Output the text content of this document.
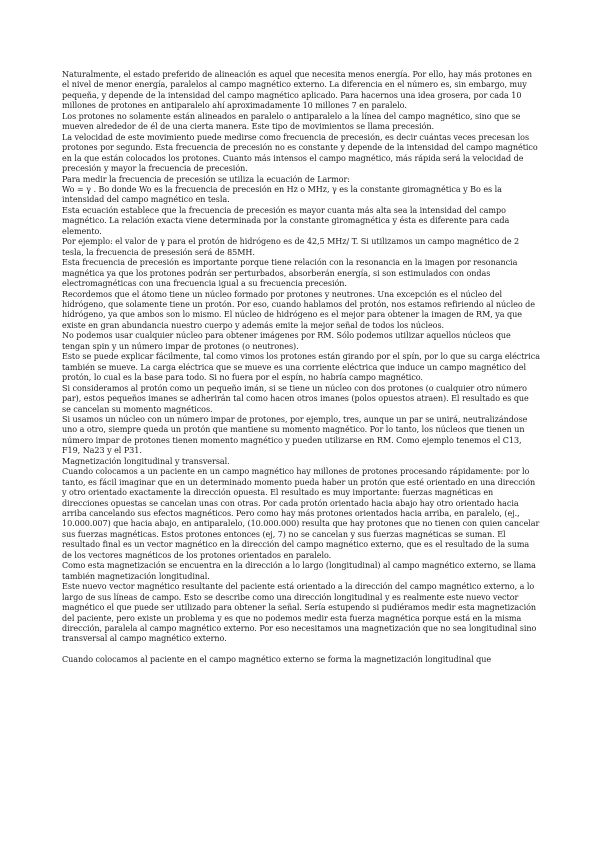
Naturalmente, el estado preferido de alineación es aquel que necesita menos energía. Por ello, hay más protones en el nivel de menor energía, paralelos al campo magnético externo. La diferencia en el número es, sin embargo, muy pequeña, y depende de la intensidad del campo magnético aplicado. Para hacernos una idea grosera, por cada 10 millones de protones en antiparalelo ahí aproximadamente 10 millones 7 en paralelo.

Los protones no solamente están alineados en paralelo o antiparalelo a la línea del campo magnético, sino que se mueven alrededor de él de una cierta manera. Este tipo de movimientos se llama precesión.

La velocidad de este movimiento puede medirse como frecuencia de precesión, es decir cuántas veces precesan los protones por segundo. Esta frecuencia de precesión no es constante y depende de la intensidad del campo magnético en la que están colocados los protones. Cuanto más intensos el campo magnético, más rápida será la velocidad de precesión y mayor la frecuencia de precesión.

Para medir la frecuencia de precesión se utiliza la ecuación de Larmor:

Wo = γ . Bo donde Wo es la frecuencia de precesión en Hz o MHz, γ es la constante giromagnética y Bo es la intensidad del campo magnético en tesla.

Esta ecuación establece que la frecuencia de precesión es mayor cuanta más alta sea la intensidad del campo magnético. La relación exacta viene determinada por la constante giromagnética y ésta es diferente para cada elemento.

Por ejemplo: el valor de γ para el protón de hidrógeno es de 42,5 MHz/ T. Si utilizamos un campo magnético de 2 tesla, la frecuencia de presesión será de 85MH.

Esta frecuencia de precesión es importante porque tiene relación con la resonancia en la imagen por resonancia magnética ya que los protones podrán ser perturbados, absorberán energía, si son estimulados con ondas electromagnéticas con una frecuencia igual a su frecuencia precesión.

Recordemos que el átomo tiene un núcleo formado por protones y neutrones. Una excepción es el núcleo del hidrógeno, que solamente tiene un protón. Por eso, cuando hablamos del protón, nos estamos refiriendo al núcleo de hidrógeno, ya que ambos son lo mismo. El núcleo de hidrógeno es el mejor para obtener la imagen de RM, ya que existe en gran abundancia nuestro cuerpo y además emite la mejor señal de todos los núcleos.

No podemos usar cualquier núcleo para obtener imágenes por RM. Sólo podemos utilizar aquellos núcleos que tengan spin y un número impar de protones (o neutrones).

Esto se puede explicar fácilmente, tal como vimos los protones están girando por el spín, por lo que su carga eléctrica también se mueve. La carga eléctrica que se mueve es una corriente eléctrica que induce un campo magnético del protón, lo cual es la base para todo. Si no fuera por el espín, no habría campo magnético.

Si consideramos al protón como un pequeño imán, si se tiene un núcleo con dos protones (o cualquier otro número par), estos pequeños imanes se adherirán tal como hacen otros imanes (polos opuestos atraen). El resultado es que se cancelan su momento magnéticos.

Si usamos un núcleo con un número impar de protones, por ejemplo, tres, aunque un par se unirá, neutralizándose uno a otro, siempre queda un protón que mantiene su momento magnético. Por lo tanto, los núcleos que tienen un número impar de protones tienen momento magnético y pueden utilizarse en RM. Como ejemplo tenemos el C13, F19, Na23 y el P31.

Magnetización longitudinal y transversal.

Cuando colocamos a un paciente en un campo magnético hay millones de protones procesando rápidamente: por lo tanto, es fácil imaginar que en un determinado momento pueda haber un protón que esté orientado en una dirección y otro orientado exactamente la dirección opuesta. El resultado es muy importante: fuerzas magnéticas en direcciones opuestas se cancelan unas con otras. Por cada protón orientado hacia abajo hay otro orientado hacia arriba cancelando sus efectos magnéticos. Pero como hay más protones orientados hacia arriba, en paralelo, (ej., 10.000.007) que hacia abajo, en antiparalelo, (10.000.000) resulta que hay protones que no tienen con quien cancelar sus fuerzas magnéticas. Estos protones entonces (ej, 7) no se cancelan y sus fuerzas magnéticas se suman. El resultado final es un vector magnético en la dirección del campo magnético externo, que es el resultado de la suma de los vectores magnéticos de los protones orientados en paralelo.

Como esta magnetización se encuentra en la dirección a lo largo (longitudinal) al campo magnético externo, se llama también magnetización longitudinal.

Este nuevo vector magnético resultante del paciente está orientado a la dirección del campo magnético externo, a lo largo de sus líneas de campo. Esto se describe como una dirección longitudinal y es realmente este nuevo vector magnético el que puede ser utilizado para obtener la señal. Sería estupendo si pudiéramos medir esta magnetización del paciente, pero existe un problema y es que no podemos medir esta fuerza magnética porque está en la misma dirección, paralela al campo magnético externo. Por eso necesitamos una magnetización que no sea longitudinal sino transversal al campo magnético externo.

Cuando colocamos al paciente en el campo magnético externo se forma la magnetización longitudinal que
